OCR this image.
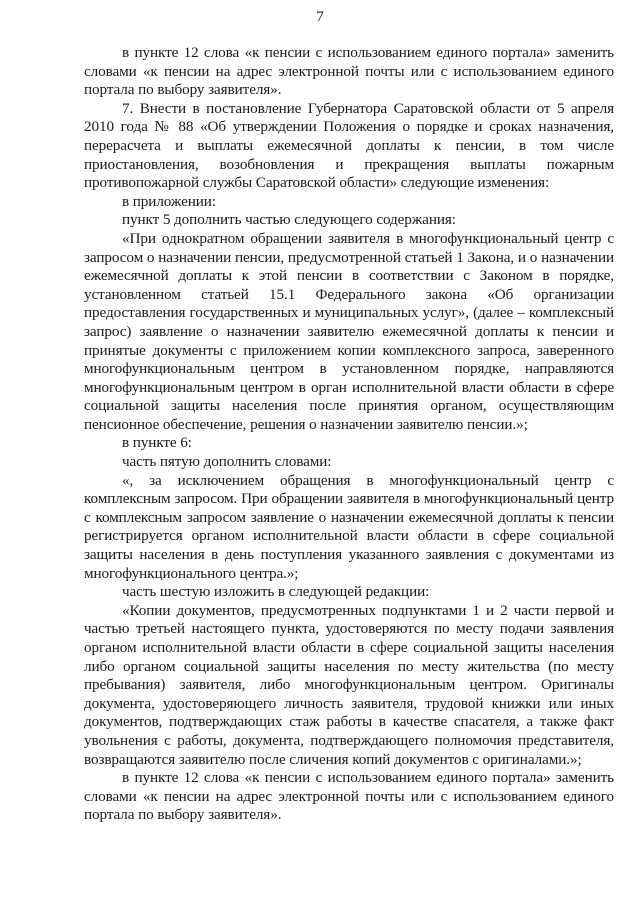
7

в пункте 12 слова «к пенсии с использованием единого портала» заменить словами «к пенсии на адрес электронной почты или с использованием единого портала по выбору заявителя».

7. Внести в постановление Губернатора Саратовской области от 5 апреля 2010 года № 88 «Об утверждении Положения о порядке и сроках назначения, перерасчета и выплаты ежемесячной доплаты к пенсии, в том числе приостановления, возобновления и прекращения выплаты пожарным противопожарной службы Саратовской области» следующие изменения:

в приложении:

пункт 5 дополнить частью следующего содержания:

«При однократном обращении заявителя в многофункциональный центр с запросом о назначении пенсии, предусмотренной статьей 1 Закона, и о назначении ежемесячной доплаты к этой пенсии в соответствии с Законом в порядке, установленном статьей 15.1 Федерального закона «Об организации предоставления государственных и муниципальных услуг», (далее – комплексный запрос) заявление о назначении заявителю ежемесячной доплаты к пенсии и принятые документы с приложением копии комплексного запроса, заверенного многофункциональным центром в установленном порядке, направляются многофункциональным центром в орган исполнительной власти области в сфере социальной защиты населения после принятия органом, осуществляющим пенсионное обеспечение, решения о назначении заявителю пенсии.»;

в пункте 6:

часть пятую дополнить словами:

«, за исключением обращения в многофункциональный центр с комплексным запросом. При обращении заявителя в многофункциональный центр с комплексным запросом заявление о назначении ежемесячной доплаты к пенсии регистрируется органом исполнительной власти области в сфере социальной защиты населения в день поступления указанного заявления с документами из многофункционального центра.»;

часть шестую изложить в следующей редакции:

«Копии документов, предусмотренных подпунктами 1 и 2 части первой и частью третьей настоящего пункта, удостоверяются по месту подачи заявления органом исполнительной власти области в сфере социальной защиты населения либо органом социальной защиты населения по месту жительства (по месту пребывания) заявителя, либо многофункциональным центром. Оригиналы документа, удостоверяющего личность заявителя, трудовой книжки или иных документов, подтверждающих стаж работы в качестве спасателя, а также факт увольнения с работы, документа, подтверждающего полномочия представителя, возвращаются заявителю после сличения копий документов с оригиналами.»;

в пункте 12 слова «к пенсии с использованием единого портала» заменить словами «к пенсии на адрес электронной почты или с использованием единого портала по выбору заявителя».
